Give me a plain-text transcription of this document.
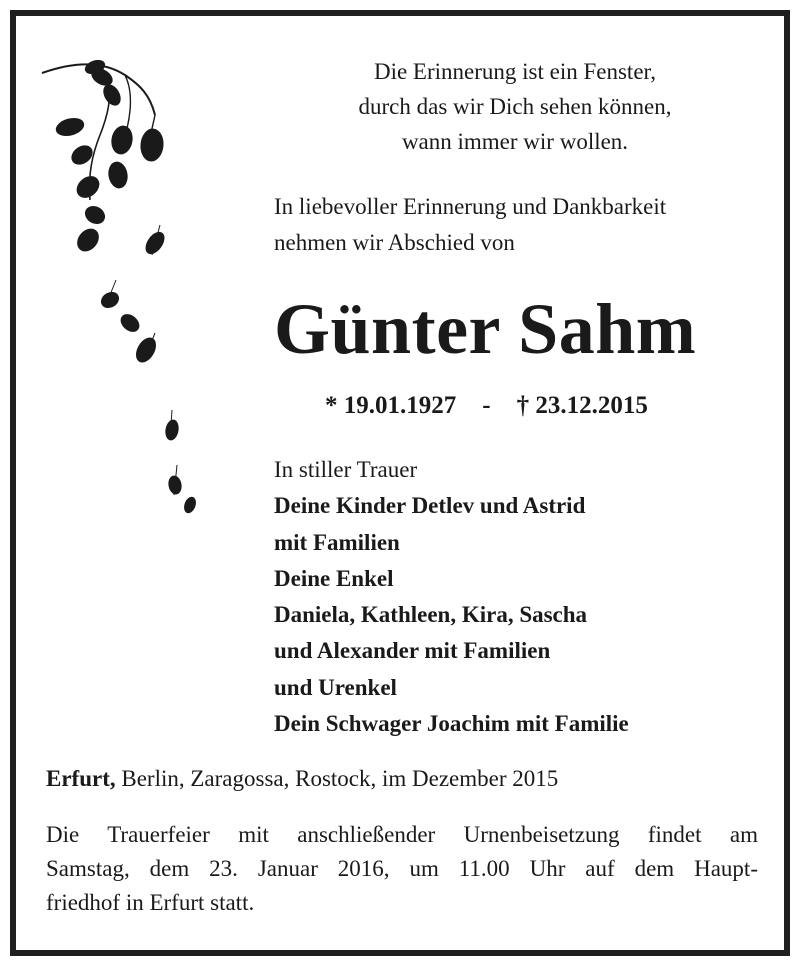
Die Erinnerung ist ein Fenster,
durch das wir Dich sehen können,
wann immer wir wollen.
In liebevoller Erinnerung und Dankbarkeit
nehmen wir Abschied von
Günter Sahm
* 19.01.1927 - † 23.12.2015
In stiller Trauer
Deine Kinder Detlev und Astrid
mit Familien
Deine Enkel
Daniela, Kathleen, Kira, Sascha
und Alexander mit Familien
und Urenkel
Dein Schwager Joachim mit Familie
Erfurt, Berlin, Zaragossa, Rostock, im Dezember 2015
Die Trauerfeier mit anschließender Urnenbeisetzung findet am
Samstag, dem 23. Januar 2016, um 11.00 Uhr auf dem Haupt-
friedhof in Erfurt statt.
